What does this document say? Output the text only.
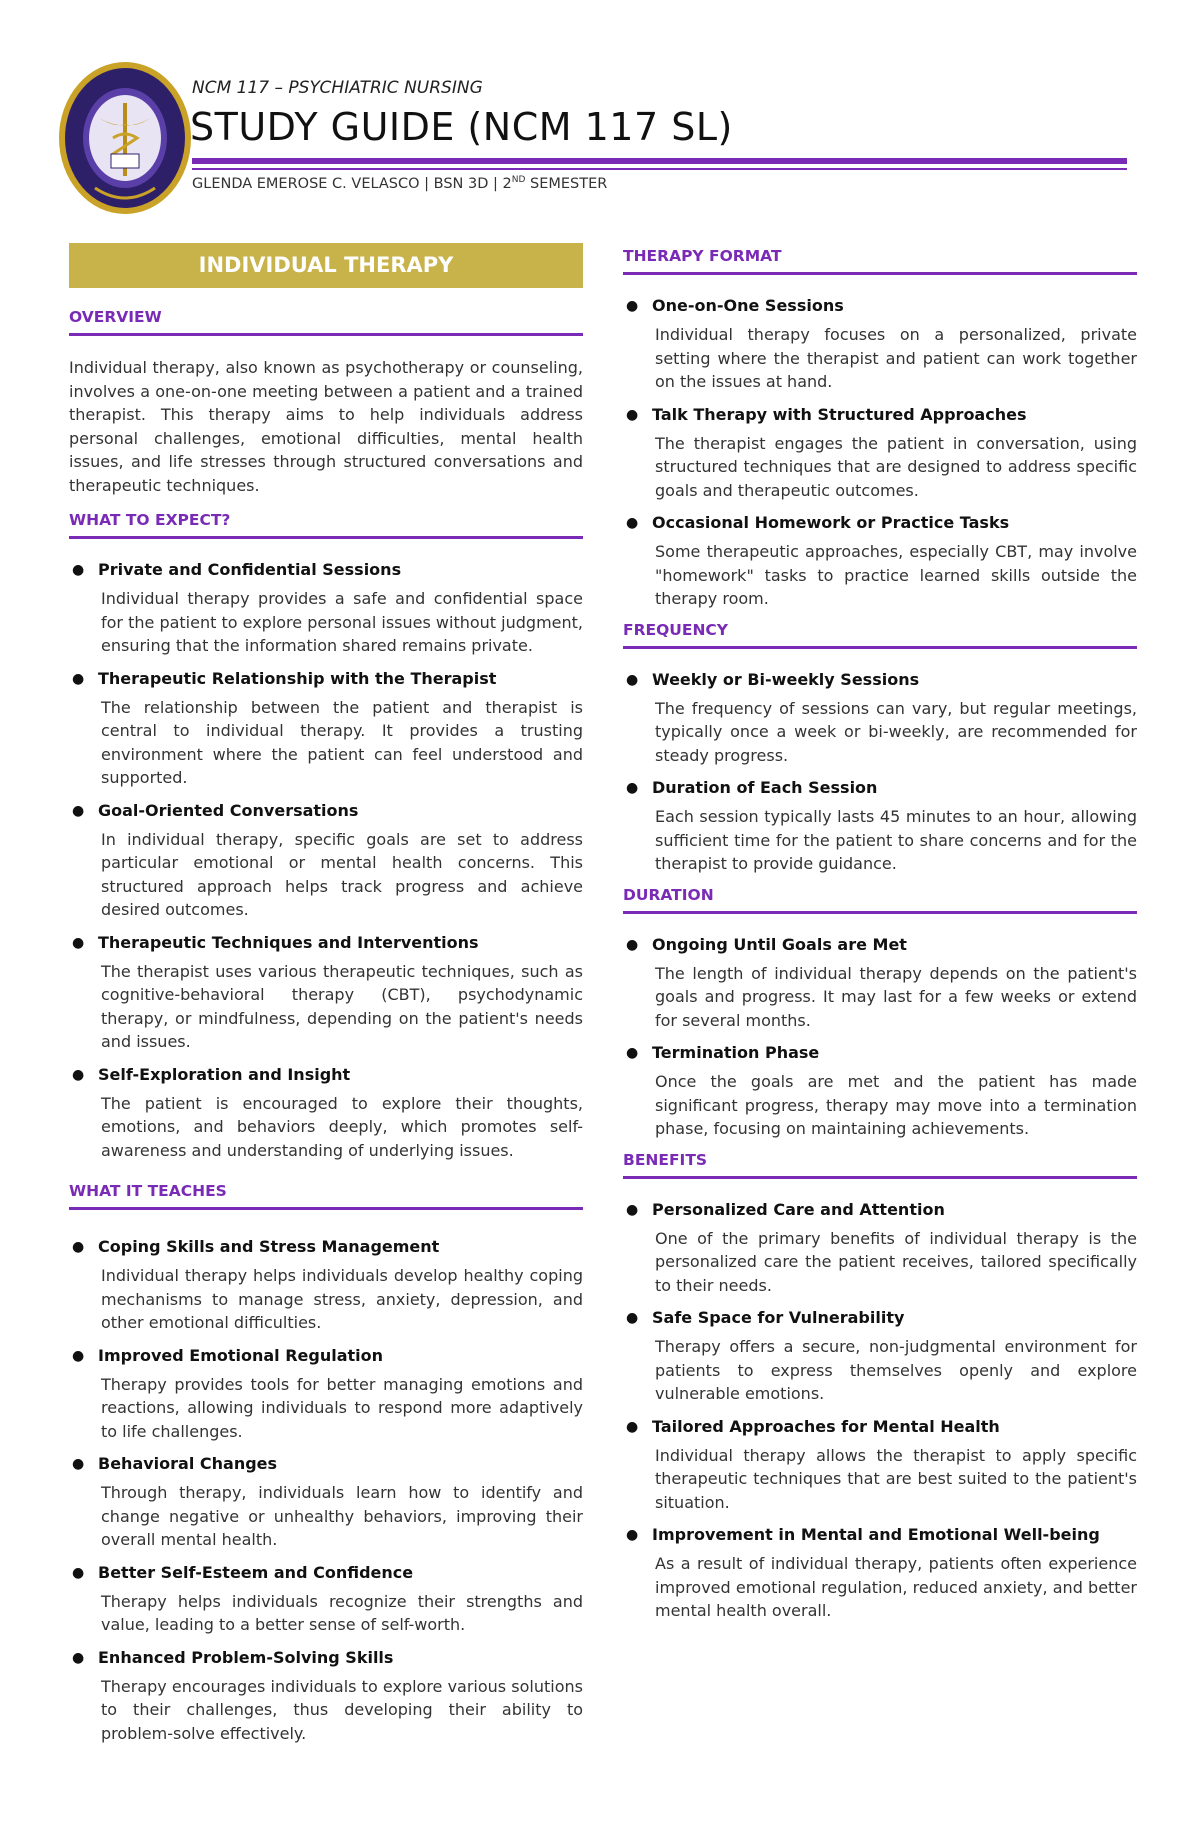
NCM 117 – PSYCHIATRIC NURSING
STUDY GUIDE (NCM 117 SL)
GLENDA EMEROSE C. VELASCO | BSN 3D | 2ND SEMESTER
INDIVIDUAL THERAPY
OVERVIEW

Individual therapy, also known as psychotherapy or counseling, involves a one-on-one meeting between a patient and a trained therapist. This therapy aims to help individuals address personal challenges, emotional difficulties, mental health issues, and life stresses through structured conversations and therapeutic techniques.

WHAT TO EXPECT?
● Private and Confidential Sessions
Individual therapy provides a safe and confidential space for the patient to explore personal issues without judgment, ensuring that the information shared remains private.
● Therapeutic Relationship with the Therapist
The relationship between the patient and therapist is central to individual therapy. It provides a trusting environment where the patient can feel understood and supported.
● Goal-Oriented Conversations
In individual therapy, specific goals are set to address particular emotional or mental health concerns. This structured approach helps track progress and achieve desired outcomes.
● Therapeutic Techniques and Interventions
The therapist uses various therapeutic techniques, such as cognitive-behavioral therapy (CBT), psychodynamic therapy, or mindfulness, depending on the patient's needs and issues.
● Self-Exploration and Insight
The patient is encouraged to explore their thoughts, emotions, and behaviors deeply, which promotes self-awareness and understanding of underlying issues.
WHAT IT TEACHES
● Coping Skills and Stress Management
Individual therapy helps individuals develop healthy coping mechanisms to manage stress, anxiety, depression, and other emotional difficulties.
● Improved Emotional Regulation
Therapy provides tools for better managing emotions and reactions, allowing individuals to respond more adaptively to life challenges.
● Behavioral Changes
Through therapy, individuals learn how to identify and change negative or unhealthy behaviors, improving their overall mental health.
● Better Self-Esteem and Confidence
Therapy helps individuals recognize their strengths and value, leading to a better sense of self-worth.
● Enhanced Problem-Solving Skills
Therapy encourages individuals to explore various solutions to their challenges, thus developing their ability to problem-solve effectively.
THERAPY FORMAT
● One-on-One Sessions
Individual therapy focuses on a personalized, private setting where the therapist and patient can work together on the issues at hand.
● Talk Therapy with Structured Approaches
The therapist engages the patient in conversation, using structured techniques that are designed to address specific goals and therapeutic outcomes.
● Occasional Homework or Practice Tasks
Some therapeutic approaches, especially CBT, may involve "homework" tasks to practice learned skills outside the therapy room.
FREQUENCY
● Weekly or Bi-weekly Sessions
The frequency of sessions can vary, but regular meetings, typically once a week or bi-weekly, are recommended for steady progress.
● Duration of Each Session
Each session typically lasts 45 minutes to an hour, allowing sufficient time for the patient to share concerns and for the therapist to provide guidance.
DURATION
● Ongoing Until Goals are Met
The length of individual therapy depends on the patient's goals and progress. It may last for a few weeks or extend for several months.
● Termination Phase
Once the goals are met and the patient has made significant progress, therapy may move into a termination phase, focusing on maintaining achievements.
BENEFITS
● Personalized Care and Attention
One of the primary benefits of individual therapy is the personalized care the patient receives, tailored specifically to their needs.
● Safe Space for Vulnerability
Therapy offers a secure, non-judgmental environment for patients to express themselves openly and explore vulnerable emotions.
● Tailored Approaches for Mental Health
Individual therapy allows the therapist to apply specific therapeutic techniques that are best suited to the patient's situation.
● Improvement in Mental and Emotional Well-being
As a result of individual therapy, patients often experience improved emotional regulation, reduced anxiety, and better mental health overall.
